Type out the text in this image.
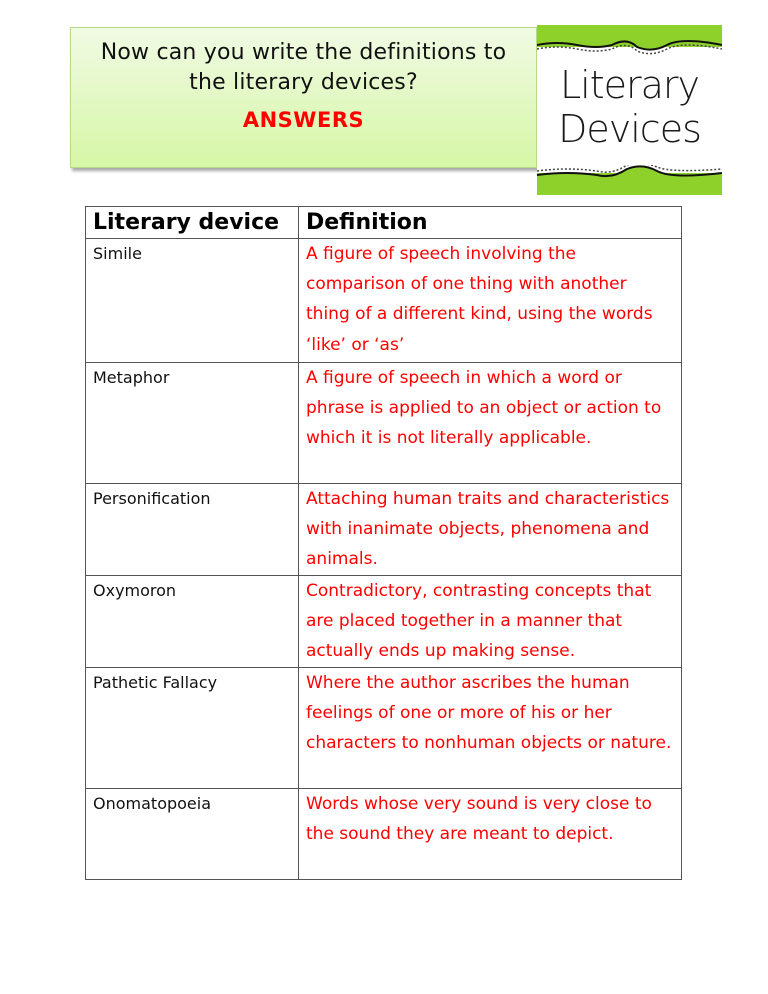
Now can you write the definitions to
the literary devices?
ANSWERS
Literary
Devices
Literary device	Definition
Simile	A figure of speech involving the comparison of one thing with another thing of a different kind, using the words ‘like’ or ‘as’
Metaphor	A figure of speech in which a word or phrase is applied to an object or action to which it is not literally applicable.
Personification	Attaching human traits and characteristics with inanimate objects, phenomena and animals.
Oxymoron	Contradictory, contrasting concepts that are placed together in a manner that actually ends up making sense.
Pathetic Fallacy	Where the author ascribes the human feelings of one or more of his or her characters to nonhuman objects or nature.
Onomatopoeia	Words whose very sound is very close to the sound they are meant to depict.
